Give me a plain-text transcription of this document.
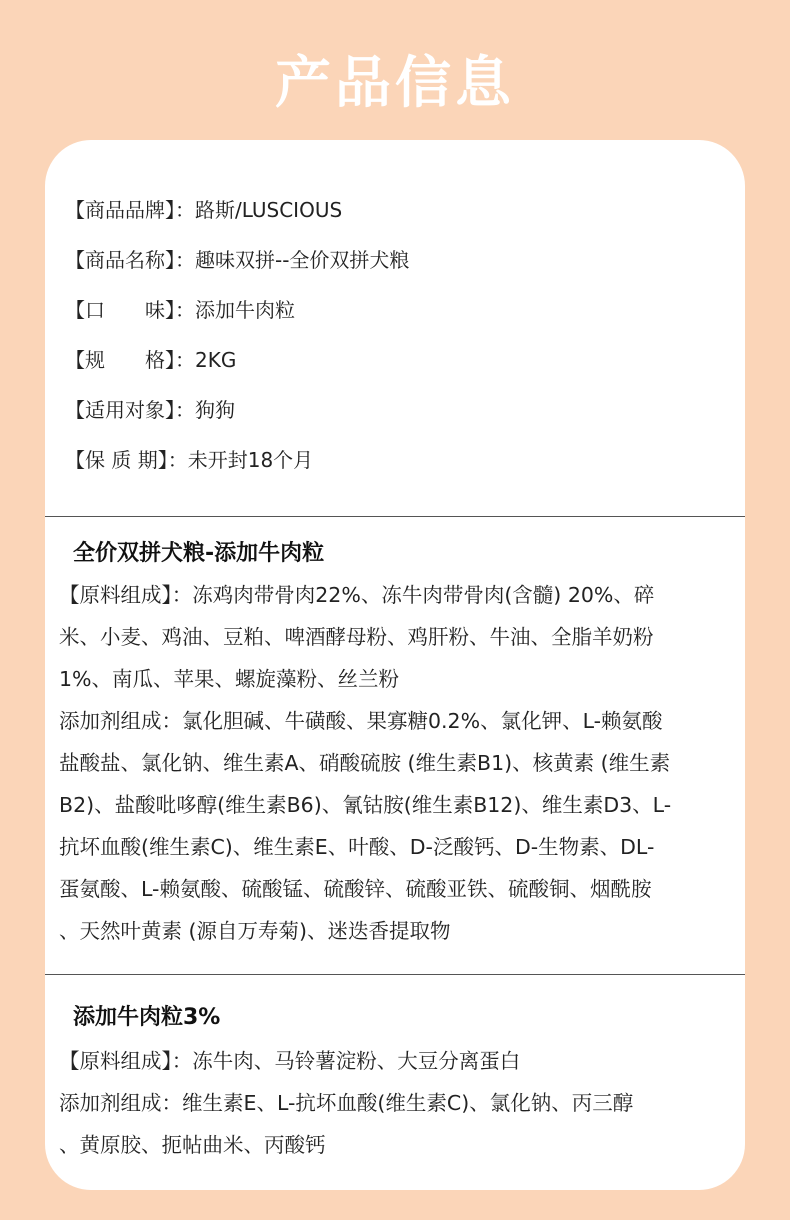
产品信息
【商品品牌】：路斯/LUSCIOUS
【商品名称】：趣味双拼--全价双拼犬粮
【口　　味】：添加牛肉粒
【规　　格】：2KG
【适用对象】：狗狗
【保 质 期】：未开封18个月
全价双拼犬粮-添加牛肉粒
【原料组成】：冻鸡肉带骨肉22%、冻牛肉带骨肉(含髓) 20%、碎
米、小麦、鸡油、豆粕、啤酒酵母粉、鸡肝粉、牛油、全脂羊奶粉
1%、南瓜、苹果、螺旋藻粉、丝兰粉
添加剂组成：氯化胆碱、牛磺酸、果寡糖0.2%、氯化钾、L-赖氨酸
盐酸盐、氯化钠、维生素A、硝酸硫胺 (维生素B1)、核黄素 (维生素
B2)、盐酸吡哆醇(维生素B6)、氰钴胺(维生素B12)、维生素D3、L-
抗坏血酸(维生素C)、维生素E、叶酸、D-泛酸钙、D-生物素、DL-
蛋氨酸、L-赖氨酸、硫酸锰、硫酸锌、硫酸亚铁、硫酸铜、烟酰胺
、天然叶黄素 (源自万寿菊)、迷迭香提取物
添加牛肉粒3%
【原料组成】：冻牛肉、马铃薯淀粉、大豆分离蛋白
添加剂组成：维生素E、L-抗坏血酸(维生素C)、氯化钠、丙三醇
、黄原胶、扼帖曲米、丙酸钙
